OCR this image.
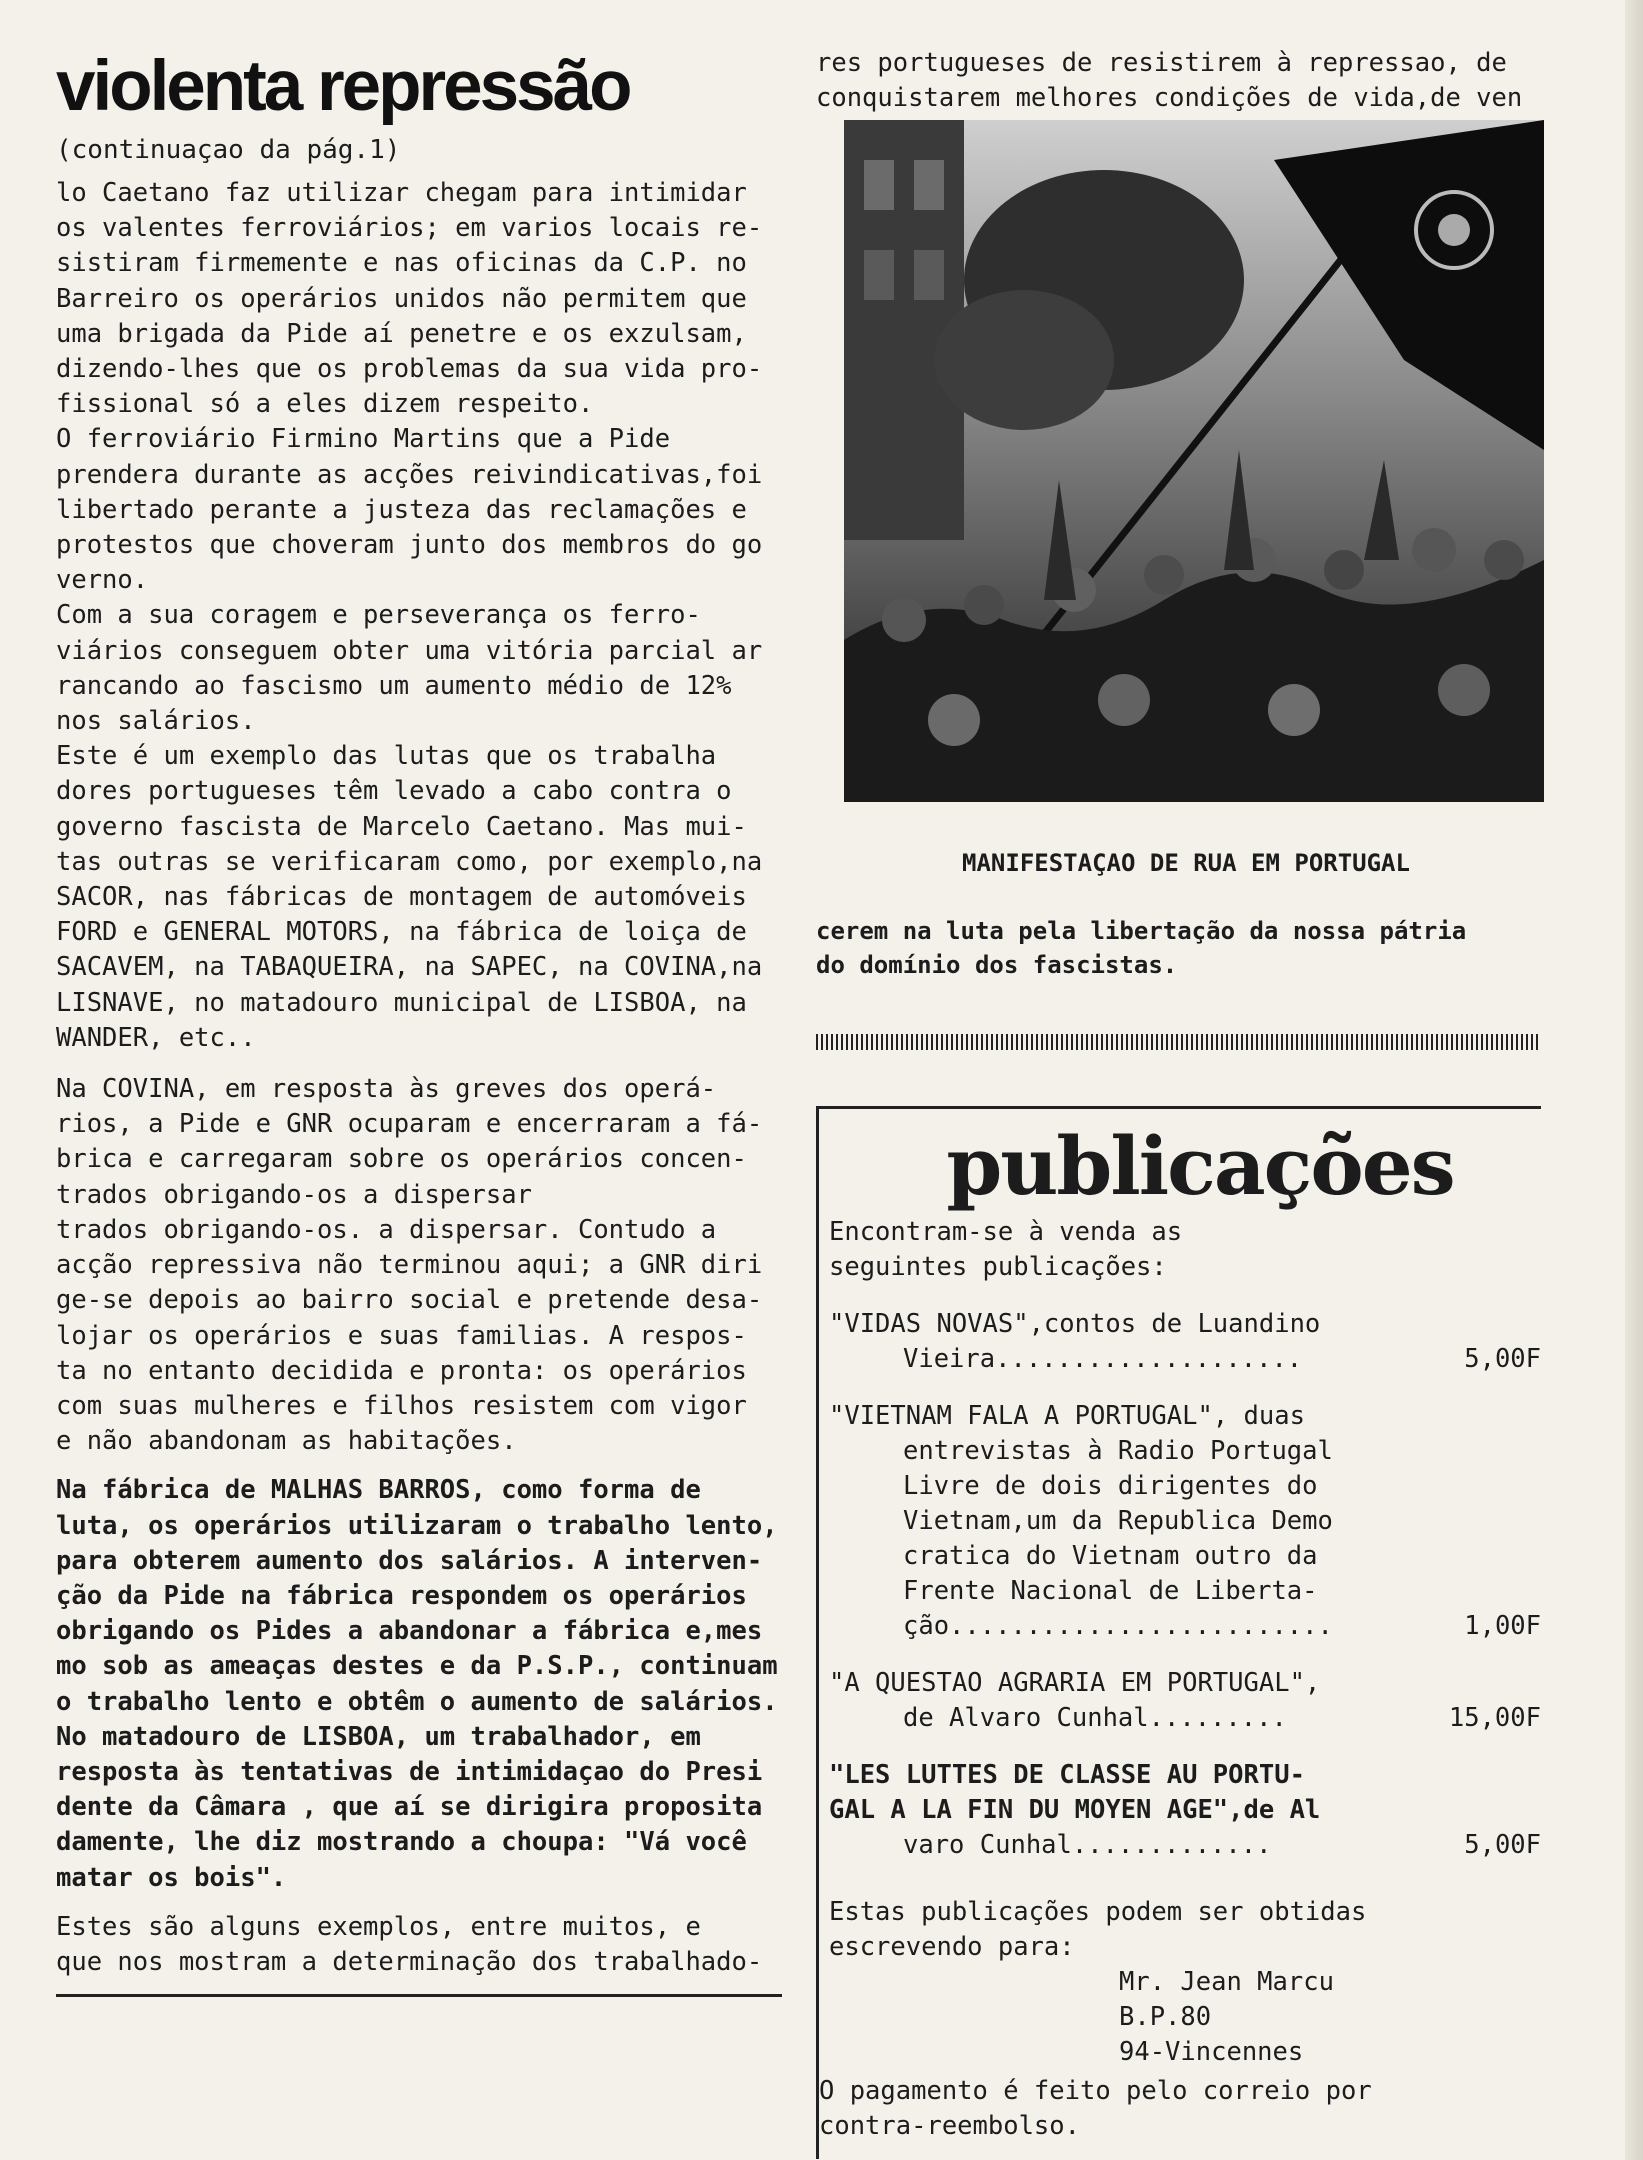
violenta repressão
(continuaçao da pág.1)
lo Caetano faz utilizar chegam para intimidar
os valentes ferroviários; em varios locais re-
sistiram firmemente e nas oficinas da C.P. no
Barreiro os operários unidos não permitem que
uma brigada da Pide aí penetre e os exzulsam,
dizendo-lhes que os problemas da sua vida pro-
fissional só a eles dizem respeito.
O ferroviário Firmino Martins que a Pide
prendera durante as acções reivindicativas,foi
libertado perante a justeza das reclamações e
protestos que choveram junto dos membros do go
verno.
Com a sua coragem e perseverança os ferro-
viários conseguem obter uma vitória parcial ar
rancando ao fascismo um aumento médio de 12%
nos salários.
Este é um exemplo das lutas que os trabalha
dores portugueses têm levado a cabo contra o
governo fascista de Marcelo Caetano. Mas mui-
tas outras se verificaram como, por exemplo,na
SACOR, nas fábricas de montagem de automóveis
FORD e GENERAL MOTORS, na fábrica de loiça de
SACAVEM, na TABAQUEIRA, na SAPEC, na COVINA,na
LISNAVE, no matadouro municipal de LISBOA, na
WANDER, etc..
Na COVINA, em resposta às greves dos operá-
rios, a Pide e GNR ocuparam e encerraram a fá-
brica e carregaram sobre os operários concen-
trados obrigando-os a dispersar
trados obrigando-os. a dispersar. Contudo a
acção repressiva não terminou aqui; a GNR diri
ge-se depois ao bairro social e pretende desa-
lojar os operários e suas familias. A respos-
ta no entanto decidida e pronta: os operários
com suas mulheres e filhos resistem com vigor
e não abandonam as habitações.
Na fábrica de MALHAS BARROS, como forma de
luta, os operários utilizaram o trabalho lento,
para obterem aumento dos salários. A interven-
ção da Pide na fábrica respondem os operários
obrigando os Pides a abandonar a fábrica e,mes
mo sob as ameaças destes e da P.S.P., continuam
o trabalho lento e obtêm o aumento de salários.
No matadouro de LISBOA, um trabalhador, em
resposta às tentativas de intimidaçao do Presi
dente da Câmara , que aí se dirigira proposita
damente, lhe diz mostrando a choupa: "Vá você
matar os bois".
Estes são alguns exemplos, entre muitos, e
que nos mostram a determinação dos trabalhado-
res portugueses de resistirem à repressao, de
conquistarem melhores condições de vida,de ven

MANIFESTAÇAO DE RUA EM PORTUGAL

cerem na luta pela libertação da nossa pátria
do domínio dos fascistas.

publicações
Encontram-se à venda as
seguintes publicações:
"VIDAS NOVAS",contos de Luandino
5,00F
Vieira....................
"VIETNAM FALA A PORTUGAL", duas
entrevistas à Radio Portugal
Livre de dois dirigentes do
Vietnam,um da Republica Demo
cratica do Vietnam outro da
Frente Nacional de Liberta-
ção.........................	1,00F
"A QUESTAO AGRARIA EM PORTUGAL",
15,00F
de Alvaro Cunhal.........
"LES LUTTES DE CLASSE AU PORTU-
GAL A LA FIN DU MOYEN AGE",de Al
5,00F
varo Cunhal.............
Estas publicações podem ser obtidas
escrevendo para:
Mr. Jean Marcu
B.P.80
94-Vincennes
O pagamento é feito pelo correio por
contra-reembolso.
